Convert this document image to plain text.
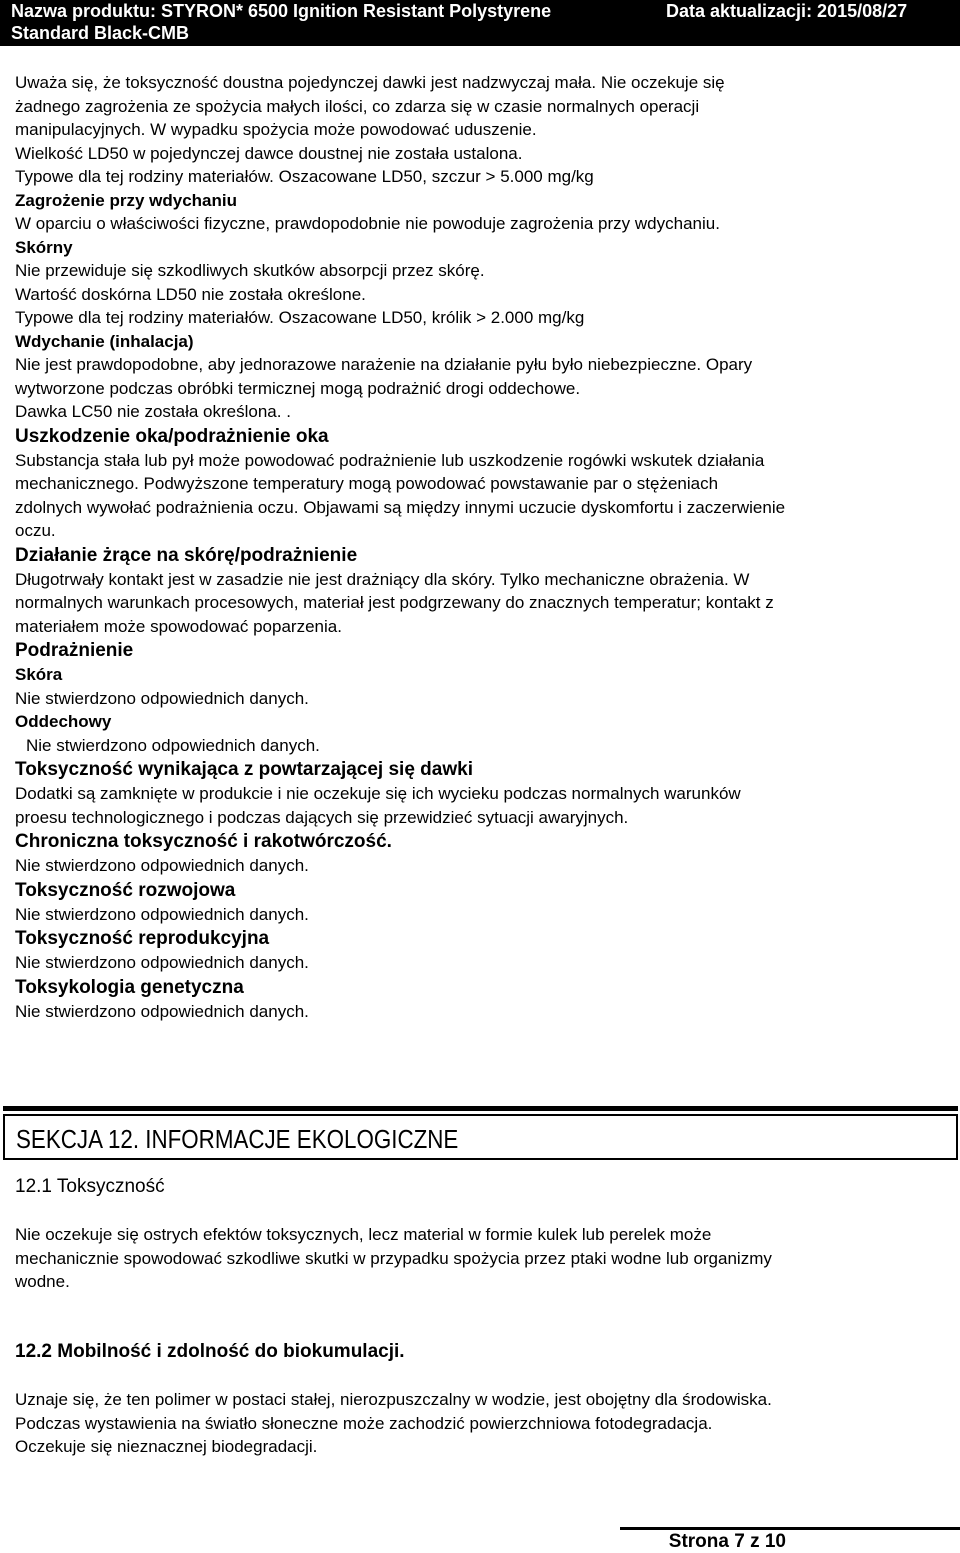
Nazwa produktu: STYRON* 6500 Ignition Resistant Polystyrene
Standard Black-CMB
Data aktualizacji: 2015/08/27

Uważa się, że toksyczność doustna pojedynczej dawki jest nadzwyczaj mała. Nie oczekuje się

żadnego zagrożenia ze spożycia małych ilości, co zdarza się w czasie normalnych operacji

manipulacyjnych. W wypadku spożycia może powodować uduszenie.

Wielkość LD50 w pojedynczej dawce doustnej nie została ustalona.

Typowe dla tej rodziny materiałów. Oszacowane LD50, szczur > 5.000 mg/kg

Zagrożenie przy wdychaniu

W oparciu o właściwości fizyczne, prawdopodobnie nie powoduje zagrożenia przy wdychaniu.

Skórny

Nie przewiduje się szkodliwych skutków absorpcji przez skórę.

Wartość doskórna LD50 nie została określone.

Typowe dla tej rodziny materiałów. Oszacowane LD50, królik > 2.000 mg/kg

Wdychanie (inhalacja)

Nie jest prawdopodobne, aby jednorazowe narażenie na działanie pyłu było niebezpieczne. Opary

wytworzone podczas obróbki termicznej mogą podrażnić drogi oddechowe.

Dawka LC50 nie została określona. .

Uszkodzenie oka/podrażnienie oka

Substancja stała lub pył może powodować podrażnienie lub uszkodzenie rogówki wskutek działania

mechanicznego. Podwyższone temperatury mogą powodować powstawanie par o stężeniach

zdolnych wywołać podrażnienia oczu. Objawami są między innymi uczucie dyskomfortu i zaczerwienie

oczu.

Działanie żrące na skórę/podrażnienie

Długotrwały kontakt jest w zasadzie nie jest drażniący dla skóry. Tylko mechaniczne obrażenia. W

normalnych warunkach procesowych, materiał jest podgrzewany do znacznych temperatur; kontakt z

materiałem może spowodować poparzenia.

Podrażnienie

Skóra

Nie stwierdzono odpowiednich danych.

Oddechowy

Nie stwierdzono odpowiednich danych.

Toksyczność wynikająca z powtarzającej się dawki

Dodatki są zamknięte w produkcie i nie oczekuje się ich wycieku podczas normalnych warunków

proesu technologicznego i podczas dających się przewidzieć sytuacji awaryjnych.

Chroniczna toksyczność i rakotwórczość.

Nie stwierdzono odpowiednich danych.

Toksyczność rozwojowa

Nie stwierdzono odpowiednich danych.

Toksyczność reprodukcyjna

Nie stwierdzono odpowiednich danych.

Toksykologia genetyczna

Nie stwierdzono odpowiednich danych.

SEKCJA 12. INFORMACJE EKOLOGICZNE

12.1 Toksyczność

Nie oczekuje się ostrych efektów toksycznych, lecz material w formie kulek lub perelek może

mechanicznie spowodować szkodliwe skutki w przypadku spożycia przez ptaki wodne lub organizmy

wodne.

12.2 Mobilność i zdolność do biokumulacji.

Uznaje się, że ten polimer w postaci stałej, nierozpuszczalny w wodzie, jest obojętny dla środowiska.

Podczas wystawienia na światło słoneczne może zachodzić powierzchniowa fotodegradacja.

Oczekuje się nieznacznej biodegradacji.

Strona 7 z 10
